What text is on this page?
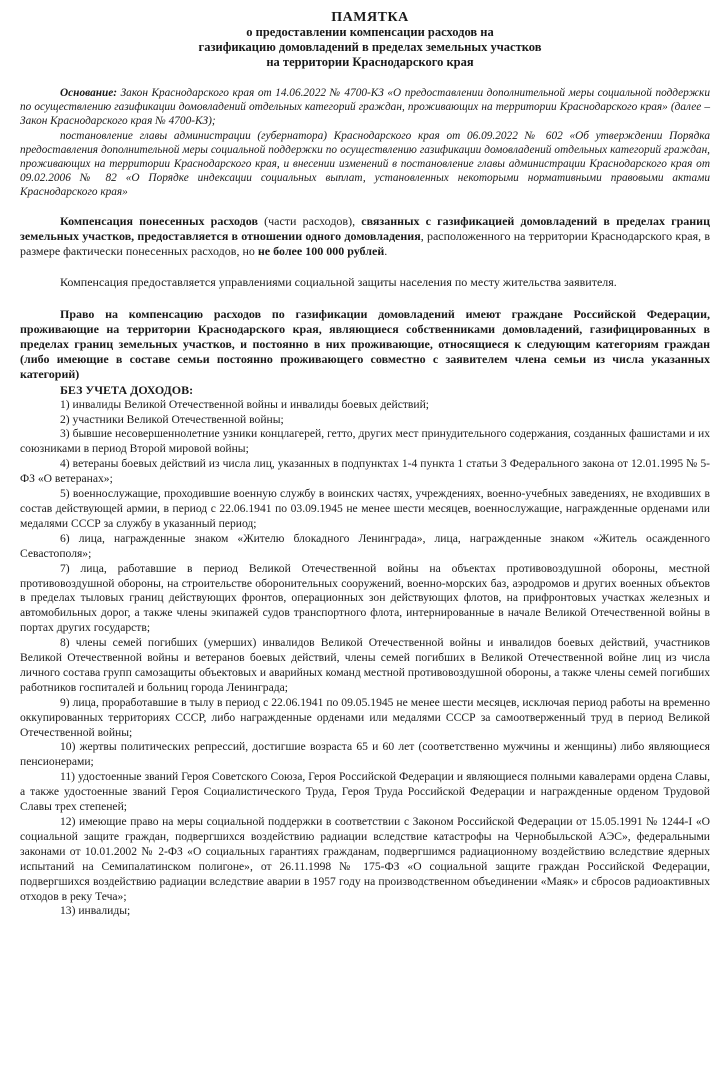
ПАМЯТКА
о предоставлении компенсации расходов на
газификацию домовладений в пределах земельных участков
на территории Краснодарского края

Основание: Закон Краснодарского края от 14.06.2022 № 4700-КЗ «О предоставлении дополнительной меры социальной поддержки по осуществлению газификации домовладений отдельных категорий граждан, проживающих на территории Краснодарского края» (далее – Закон Краснодарского края № 4700-КЗ);

постановление главы администрации (губернатора) Краснодарского края от 06.09.2022 № 602 «Об утверждении Порядка предоставления дополнительной меры социальной поддержки по осуществлению газификации домовладений отдельных категорий граждан, проживающих на территории Краснодарского края, и внесении изменений в постановление главы администрации Краснодарского края от 09.02.2006 № 82 «О Порядке индексации социальных выплат, установленных некоторыми нормативными правовыми актами Краснодарского края»

Компенсация понесенных расходов (части расходов), связанных с газификацией домовладений в пределах границ земельных участков, предоставляется в отношении одного домовладения, расположенного на территории Краснодарского края, в размере фактически понесенных расходов, но не более 100 000 рублей.

Компенсация предоставляется управлениями социальной защиты населения по месту жительства заявителя.

Право на компенсацию расходов по газификации домовладений имеют граждане Российской Федерации, проживающие на территории Краснодарского края, являющиеся собственниками домовладений, газифицированных в пределах границ земельных участков, и постоянно в них проживающие, относящиеся к следующим категориям граждан (либо имеющие в составе семьи постоянно проживающего совместно с заявителем члена семьи из числа указанных категорий)

БЕЗ УЧЕТА ДОХОДОВ:
1) инвалиды Великой Отечественной войны и инвалиды боевых действий;
2) участники Великой Отечественной войны;
3) бывшие несовершеннолетние узники концлагерей, гетто, других мест принудительного содержания, созданных фашистами и их союзниками в период Второй мировой войны;
4) ветераны боевых действий из числа лиц, указанных в подпунктах 1-4 пункта 1 статьи 3 Федерального закона от 12.01.1995 № 5-ФЗ «О ветеранах»;
5) военнослужащие, проходившие военную службу в воинских частях, учреждениях, военно-учебных заведениях, не входивших в состав действующей армии, в период с 22.06.1941 по 03.09.1945 не менее шести месяцев, военнослужащие, награжденные орденами или медалями СССР за службу в указанный период;
6) лица, награжденные знаком «Жителю блокадного Ленинграда», лица, награжденные знаком «Житель осажденного Севастополя»;
7) лица, работавшие в период Великой Отечественной войны на объектах противовоздушной обороны, местной противовоздушной обороны, на строительстве оборонительных сооружений, военно-морских баз, аэродромов и других военных объектов в пределах тыловых границ действующих фронтов, операционных зон действующих флотов, на прифронтовых участках железных и автомобильных дорог, а также члены экипажей судов транспортного флота, интернированные в начале Великой Отечественной войны в портах других государств;
8) члены семей погибших (умерших) инвалидов Великой Отечественной войны и инвалидов боевых действий, участников Великой Отечественной войны и ветеранов боевых действий, члены семей погибших в Великой Отечественной войне лиц из числа личного состава групп самозащиты объектовых и аварийных команд местной противовоздушной обороны, а также члены семей погибших работников госпиталей и больниц города Ленинграда;
9) лица, проработавшие в тылу в период с 22.06.1941 по 09.05.1945 не менее шести месяцев, исключая период работы на временно оккупированных территориях СССР, либо награжденные орденами или медалями СССР за самоотверженный труд в период Великой Отечественной войны;
10) жертвы политических репрессий, достигшие возраста 65 и 60 лет (соответственно мужчины и женщины) либо являющиеся пенсионерами;
11) удостоенные званий Героя Советского Союза, Героя Российской Федерации и являющиеся полными кавалерами ордена Славы, а также удостоенные званий Героя Социалистического Труда, Героя Труда Российской Федерации и награжденные орденом Трудовой Славы трех степеней;
12) имеющие право на меры социальной поддержки в соответствии с Законом Российской Федерации от 15.05.1991 № 1244-I «О социальной защите граждан, подвергшихся воздействию радиации вследствие катастрофы на Чернобыльской АЭС», федеральными законами от 10.01.2002 № 2-ФЗ «О социальных гарантиях гражданам, подвергшимся радиационному воздействию вследствие ядерных испытаний на Семипалатинском полигоне», от 26.11.1998 № 175-ФЗ «О социальной защите граждан Российской Федерации, подвергшихся воздействию радиации вследствие аварии в 1957 году на производственном объединении «Маяк» и сбросов радиоактивных отходов в реку Теча»;
13) инвалиды;
